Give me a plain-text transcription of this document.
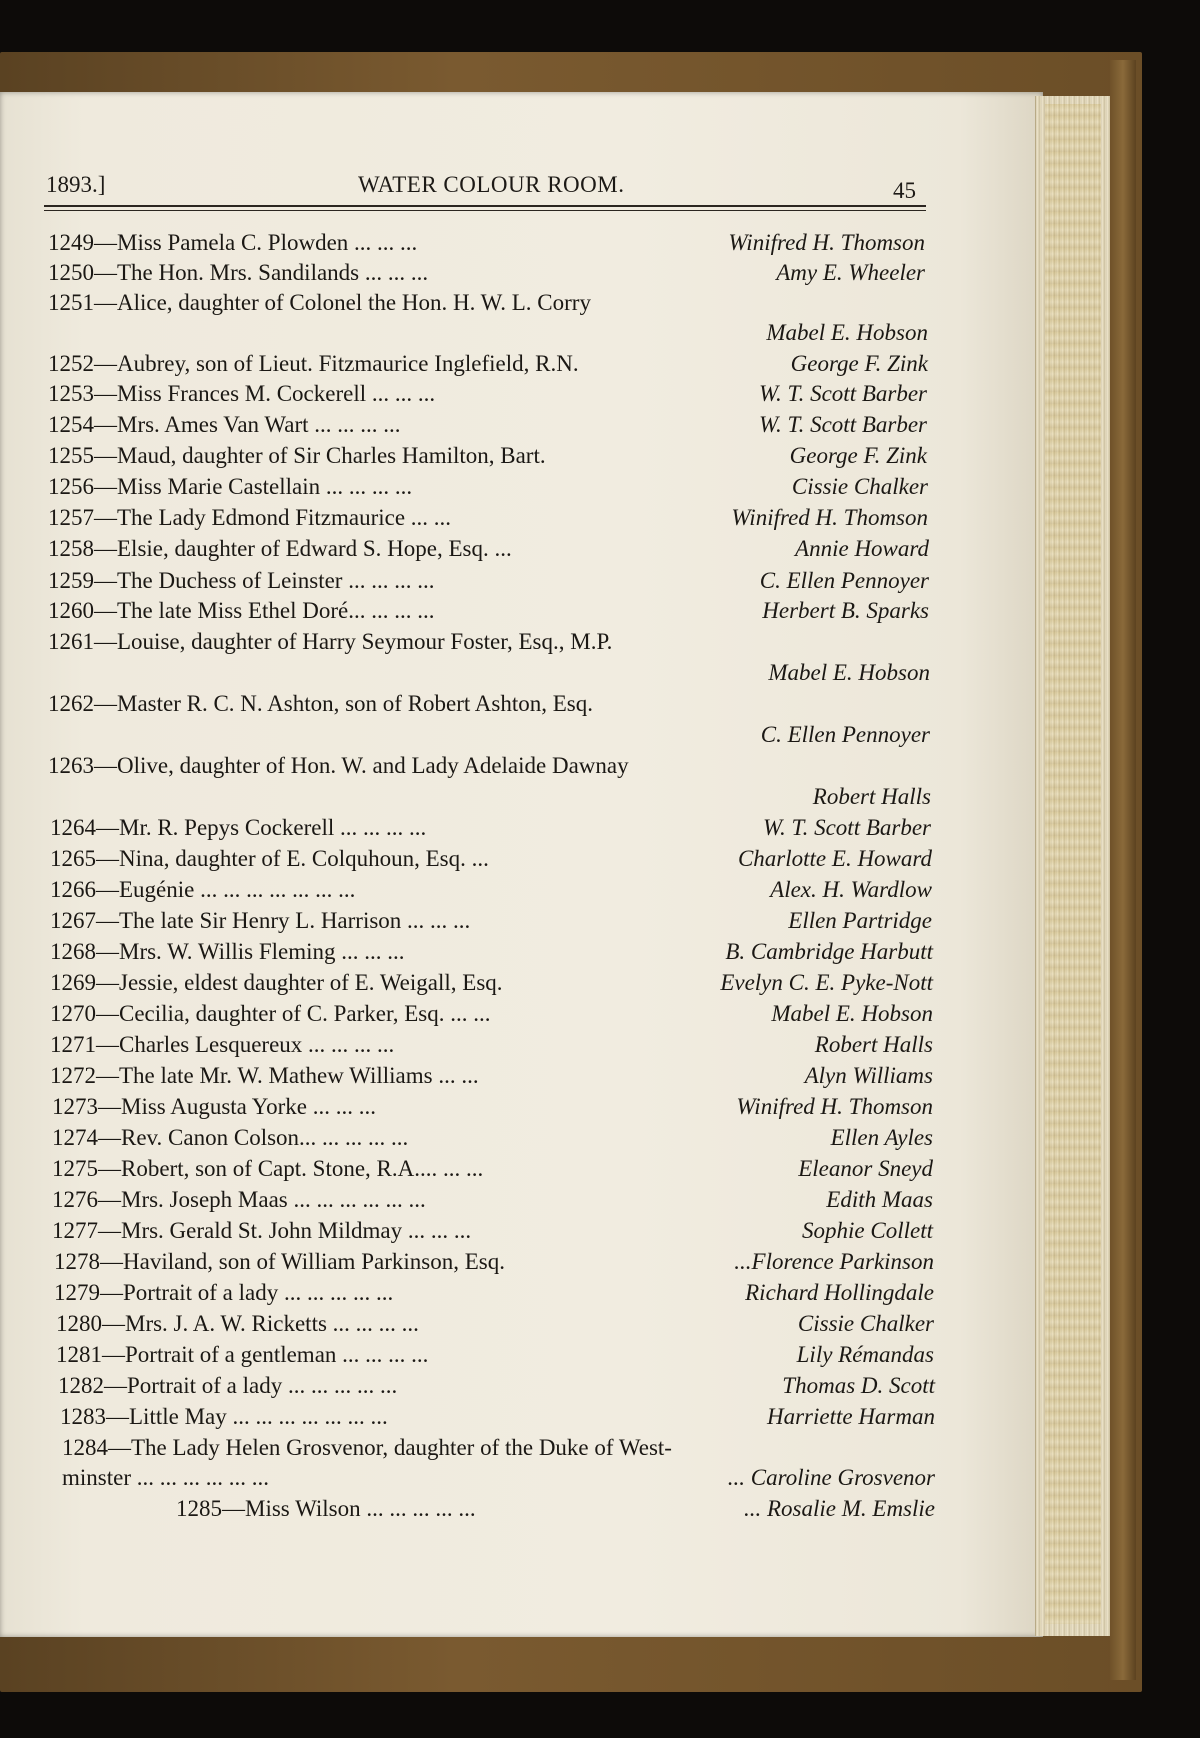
1893.]	WATER COLOUR ROOM.	45
1249—Miss Pamela C. Plowden ... ... ...	Winifred H. Thomson
1250—The Hon. Mrs. Sandilands ... ... ...	Amy E. Wheeler
1251—Alice, daughter of Colonel the Hon. H. W. L. Corry
Mabel E. Hobson
1252—Aubrey, son of Lieut. Fitzmaurice Inglefield, R.N.	George F. Zink
1253—Miss Frances M. Cockerell ... ... ...	W. T. Scott Barber
1254—Mrs. Ames Van Wart ... ... ... ...	W. T. Scott Barber
1255—Maud, daughter of Sir Charles Hamilton, Bart.	George F. Zink
1256—Miss Marie Castellain ... ... ... ...	Cissie Chalker
1257—The Lady Edmond Fitzmaurice ... ...	Winifred H. Thomson
1258—Elsie, daughter of Edward S. Hope, Esq. ...	Annie Howard
1259—The Duchess of Leinster ... ... ... ...	C. Ellen Pennoyer
1260—The late Miss Ethel Doré... ... ... ...	Herbert B. Sparks
1261—Louise, daughter of Harry Seymour Foster, Esq., M.P.
Mabel E. Hobson
1262—Master R. C. N. Ashton, son of Robert Ashton, Esq.
C. Ellen Pennoyer
1263—Olive, daughter of Hon. W. and Lady Adelaide Dawnay
Robert Halls
1264—Mr. R. Pepys Cockerell ... ... ... ...	W. T. Scott Barber
1265—Nina, daughter of E. Colquhoun, Esq. ...	Charlotte E. Howard
1266—Eugénie ... ... ... ... ... ... ...	Alex. H. Wardlow
1267—The late Sir Henry L. Harrison ... ... ...	Ellen Partridge
1268—Mrs. W. Willis Fleming ... ... ...	B. Cambridge Harbutt
1269—Jessie, eldest daughter of E. Weigall, Esq.	Evelyn C. E. Pyke-Nott
1270—Cecilia, daughter of C. Parker, Esq. ... ...	Mabel E. Hobson
1271—Charles Lesquereux ... ... ... ...	Robert Halls
1272—The late Mr. W. Mathew Williams ... ...	Alyn Williams
1273—Miss Augusta Yorke ... ... ...	Winifred H. Thomson
1274—Rev. Canon Colson... ... ... ... ...	Ellen Ayles
1275—Robert, son of Capt. Stone, R.A.... ... ...	Eleanor Sneyd
1276—Mrs. Joseph Maas ... ... ... ... ... ...	Edith Maas
1277—Mrs. Gerald St. John Mildmay ... ... ...	Sophie Collett
1278—Haviland, son of William Parkinson, Esq.	...Florence Parkinson
1279—Portrait of a lady ... ... ... ... ...	Richard Hollingdale
1280—Mrs. J. A. W. Ricketts ... ... ... ...	Cissie Chalker
1281—Portrait of a gentleman ... ... ... ...	Lily Rémandas
1282—Portrait of a lady ... ... ... ... ...	Thomas D. Scott
1283—Little May ... ... ... ... ... ... ...	Harriette Harman
1284—The Lady Helen Grosvenor, daughter of the Duke of West-
minster ... ... ... ... ... ...	... Caroline Grosvenor
1285—Miss Wilson ... ... ... ... ...	... Rosalie M. Emslie
